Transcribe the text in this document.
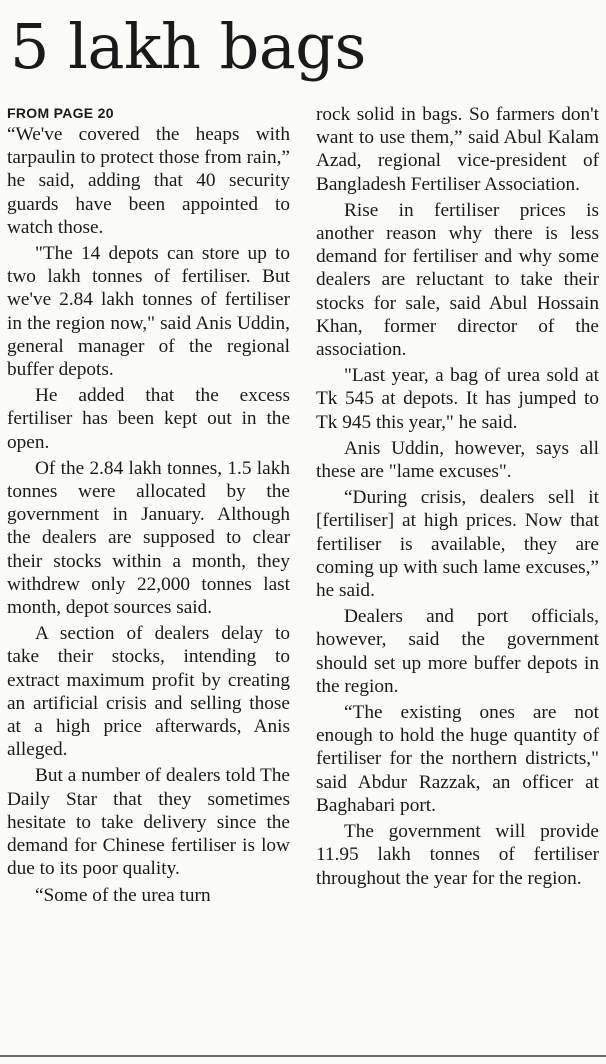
5 lakh bags

FROM PAGE 20

“We've covered the heaps with tarpaulin to protect those from rain,” he said, adding that 40 security guards have been appointed to watch those.

"The 14 depots can store up to two lakh tonnes of fertiliser. But we've 2.84 lakh tonnes of fertiliser in the region now," said Anis Uddin, general manager of the regional buffer depots.

He added that the excess fertiliser has been kept out in the open.

Of the 2.84 lakh tonnes, 1.5 lakh tonnes were allocated by the government in January. Although the dealers are supposed to clear their stocks within a month, they withdrew only 22,000 tonnes last month, depot sources said.

A section of dealers delay to take their stocks, intending to extract maximum profit by creating an artificial crisis and selling those at a high price afterwards, Anis alleged.

But a number of dealers told The Daily Star that they sometimes hesitate to take delivery since the demand for Chinese fertiliser is low due to its poor quality.

“Some of the urea turn

rock solid in bags. So farmers don't want to use them,” said Abul Kalam Azad, regional vice-president of Bangladesh Fertiliser Association.

Rise in fertiliser prices is another reason why there is less demand for fertiliser and why some dealers are reluctant to take their stocks for sale, said Abul Hossain Khan, former director of the association.

"Last year, a bag of urea sold at Tk 545 at depots. It has jumped to Tk 945 this year," he said.

Anis Uddin, however, says all these are "lame excuses".

“During crisis, dealers sell it [fertiliser] at high prices. Now that fertiliser is available, they are coming up with such lame excuses,” he said.

Dealers and port officials, however, said the government should set up more buffer depots in the region.

“The existing ones are not enough to hold the huge quantity of fertiliser for the northern districts," said Abdur Razzak, an officer at Baghabari port.

The government will provide 11.95 lakh tonnes of fertiliser throughout the year for the region.
